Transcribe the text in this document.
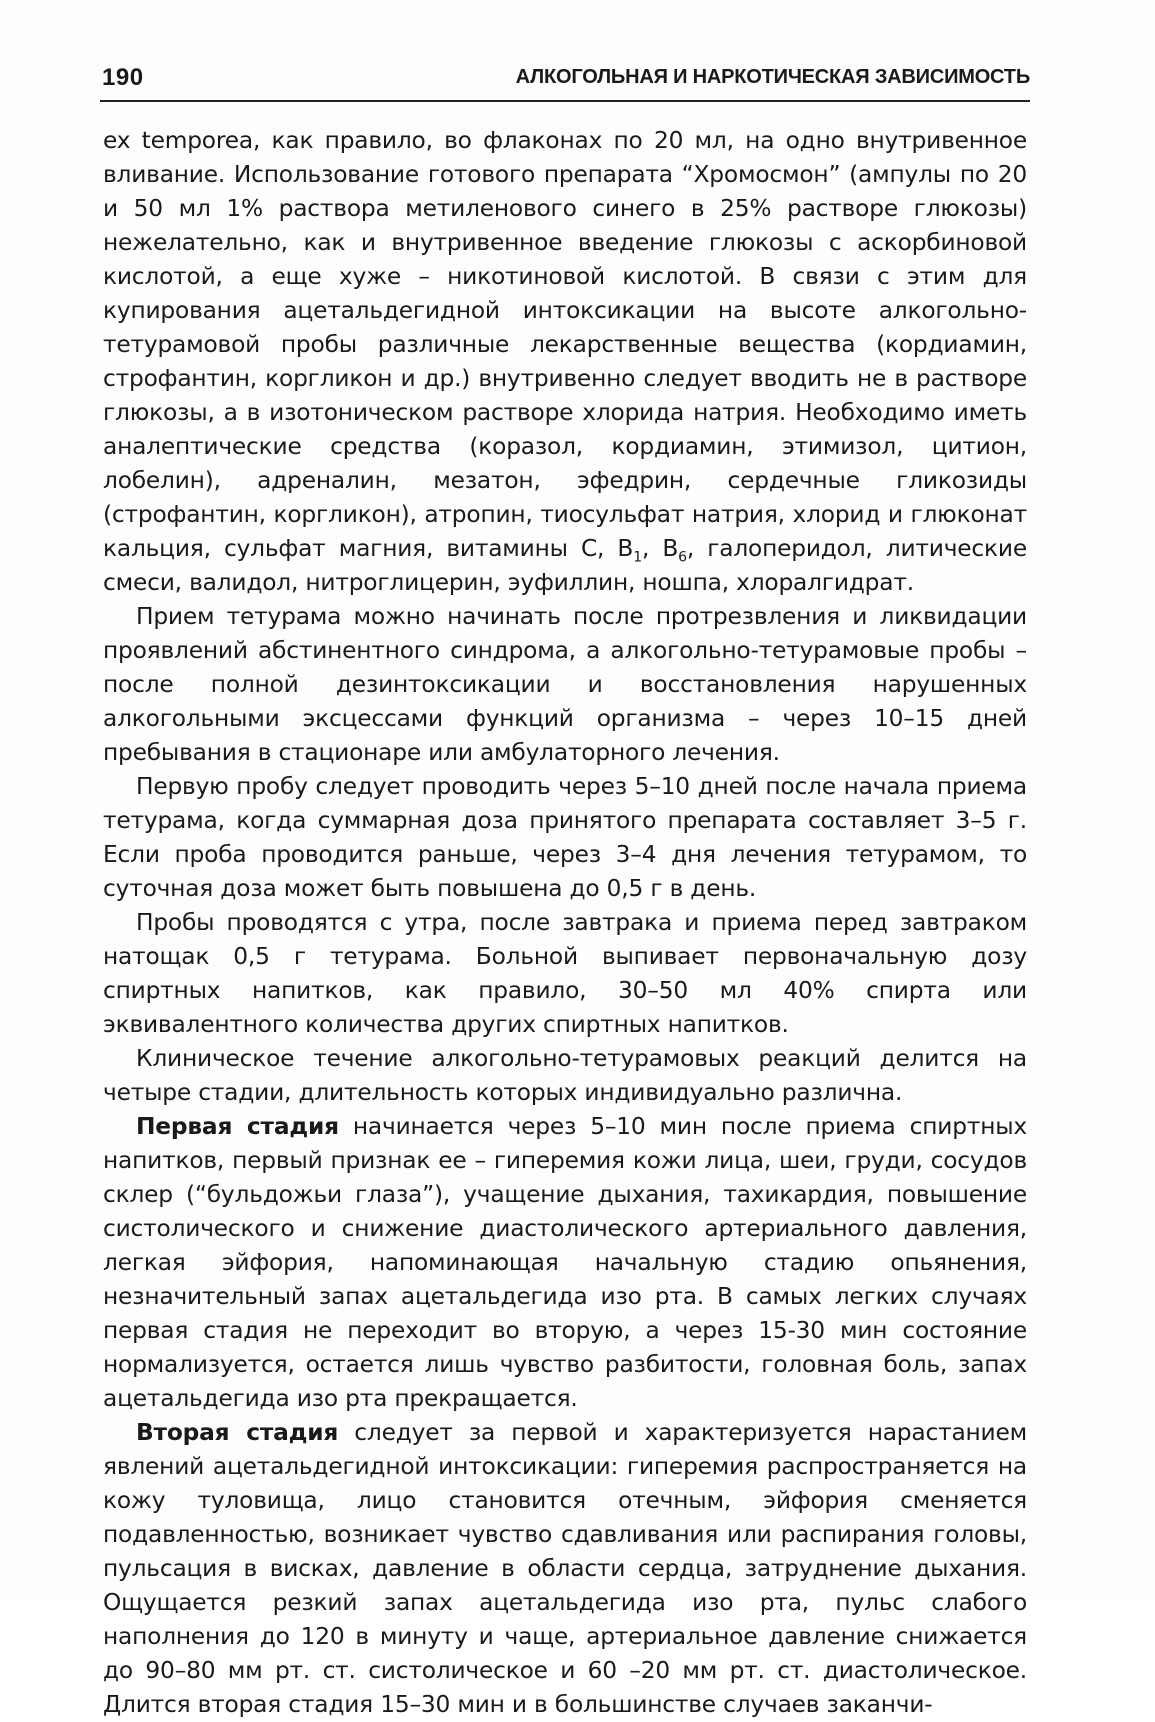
190	АЛКОГОЛЬНАЯ И НАРКОТИЧЕСКАЯ ЗАВИСИМОСТЬ

ex temporea, как правило, во флаконах по 20 мл, на одно внутривенное вливание. Использование готового препарата “Хромосмон” (ампулы по 20 и 50 мл 1% раствора метиленового синего в 25% растворе глюкозы) нежелательно, как и внутривенное введение глюкозы с аскорбиновой кислотой, а еще хуже – никотиновой кислотой. В связи с этим для купирования ацетальдегидной интоксикации на высоте алкогольно-тетурамовой пробы различные лекарственные вещества (кордиамин, строфантин, коргликон и др.) внутривенно следует вводить не в растворе глюкозы, а в изотоническом растворе хлорида натрия. Необходимо иметь аналептические средства (коразол, кордиамин, этимизол, цитион, лобелин), адреналин, мезатон, эфедрин, сердечные гликозиды (строфантин, коргликон), атропин, тиосульфат натрия, хлорид и глюконат кальция, сульфат магния, витамины С, $В_1$, $В_6$, галоперидол, литические смеси, валидол, нитроглицерин, эуфиллин, ношпа, хлоралгидрат.

Прием тетурама можно начинать после протрезвления и ликвидации проявлений абстинентного синдрома, а алкогольно-тетурамовые пробы – после полной дезинтоксикации и восстановления нарушенных алкогольными эксцессами функций организма – через 10–15 дней пребывания в стационаре или амбулаторного лечения.

Первую пробу следует проводить через 5–10 дней после начала приема тетурама, когда суммарная доза принятого препарата составляет 3–5 г. Если проба проводится раньше, через 3–4 дня лечения тетурамом, то суточная доза может быть повышена до 0,5 г в день.

Пробы проводятся с утра, после завтрака и приема перед завтраком натощак 0,5 г тетурама. Больной выпивает первоначальную дозу спиртных напитков, как правило, 30–50 мл 40% спирта или эквивалентного количества других спиртных напитков.

Клиническое течение алкогольно-тетурамовых реакций делится на четыре стадии, длительность которых индивидуально различна.

Первая стадия начинается через 5–10 мин после приема спиртных напитков, первый признак ее – гиперемия кожи лица, шеи, груди, сосудов склер (“бульдожьи глаза”), учащение дыхания, тахикардия, повышение систолического и снижение диастолического артериального давления, легкая эйфория, напоминающая начальную стадию опьянения, незначительный запах ацетальдегида изо рта. В самых легких случаях первая стадия не переходит во вторую, а через 15-30 мин состояние нормализуется, остается лишь чувство разбитости, головная боль, запах ацетальдегида изо рта прекращается.

Вторая стадия следует за первой и характеризуется нарастанием явлений ацетальдегидной интоксикации: гиперемия распространяется на кожу туловища, лицо становится отечным, эйфория сменяется подавленностью, возникает чувство сдавливания или распирания головы, пульсация в висках, давление в области сердца, затруднение дыхания. Ощущается резкий запах ацетальдегида изо рта, пульс слабого наполнения до 120 в минуту и чаще, артериальное давление снижается до 90–80 мм рт. ст. систолическое и 60 –20 мм рт. ст. диастолическое. Длится вторая стадия 15–30 мин и в большинстве случаев заканчи-
